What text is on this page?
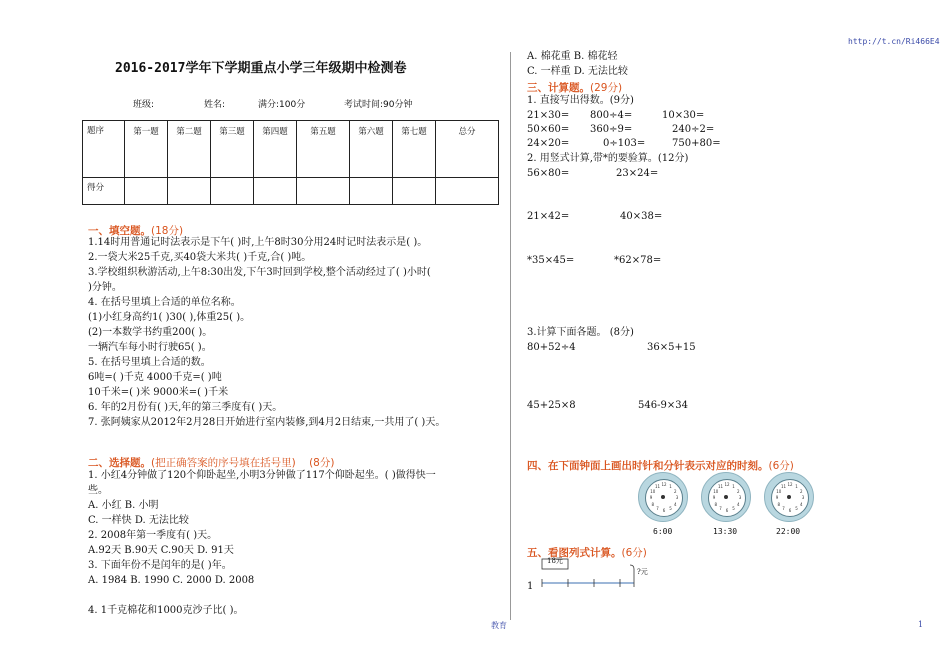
http://t.cn/Ri466E4
2016-2017学年下学期重点小学三年级期中检测卷
班级:	姓名:	满分:100分	考试时间:90分钟
题序	第一题	第二题	第三题	第四题	第五题	第六题	第七题	总分
得分								
一、填空题。(18分)
1.14时用普通记时法表示是下午( )时,上午8时30分用24时记时法表示是( )。
2.一袋大米25千克,买40袋大米共( )千克,合( )吨。
3.学校组织秋游活动,上午8:30出发,下午3时回到学校,整个活动经过了( )小时(
)分钟。
4. 在括号里填上合适的单位名称。
(1)小红身高约1( )30( ),体重25( )。
(2)一本数学书约重200( )。
一辆汽车每小时行驶65( )。
5. 在括号里填上合适的数。
6吨=( )千克 4000千克=( )吨
10千米=( )米 9000米=( )千米
6. 年的2月份有( )天,年的第三季度有( )天。
7. 张阿姨家从2012年2月28日开始进行室内装修,到4月2日结束,一共用了( )天。
二、选择题。(把正确答案的序号填在括号里) (8分)
1. 小红4分钟做了120个仰卧起坐,小明3分钟做了117个仰卧起坐。( )做得快一
些。
A. 小红 B. 小明
C. 一样快 D. 无法比较
2. 2008年第一季度有( )天。
A.92天 B.90天 C.90天 D. 91天
3. 下面年份不是闰年的是( )年。
A. 1984 B. 1990 C. 2000 D. 2008
4. 1千克棉花和1000克沙子比( )。
A. 棉花重 B. 棉花轻
C. 一样重 D. 无法比较
三、计算题。(29分)
1. 直接写出得数。(9分)
21×30= 800÷4=	10×30=
50×60= 360÷9=	240÷2=
24×20=	0÷103=	750+80=
2. 用竖式计算,带*的要验算。(12分)
56×80=	23×24=
21×42=	40×38=
*35×45=	*62×78=
3.计算下面各题。 (8分)
80+52÷4	36×5+15
45+25×8	546-9×34
四、在下面钟面上画出时针和分针表示对应的时刻。(6分)
1
2
3
4
5
6
7
8
9
10
11 12	1
2
3
4
5
6
7
8
9
10
11 12	1
2
3
4
5
6
7
8
9
10
11 12
6:00	13:30	22:00
五、看图列式计算。(6分)
1
18元
?元
教育	1
